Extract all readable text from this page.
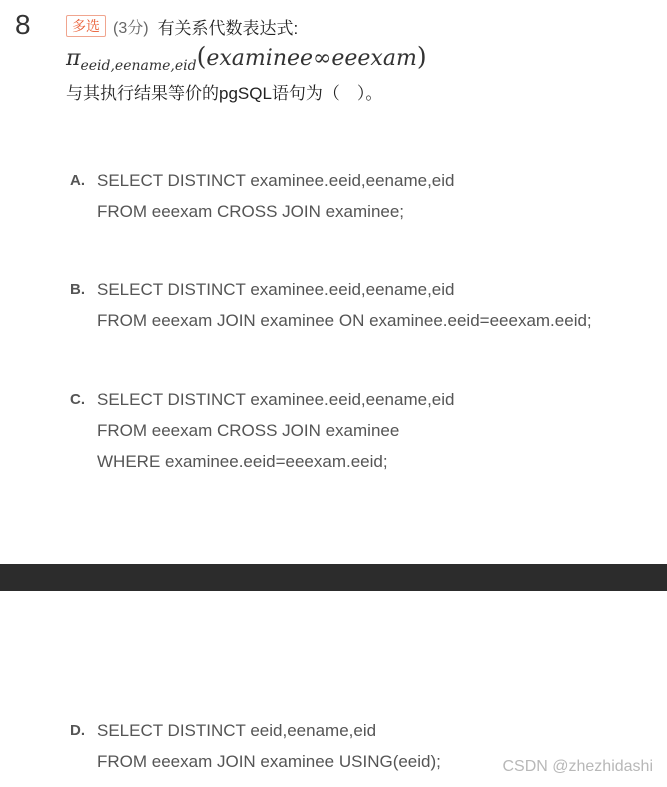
8	多选 (3分) 有关系代数表达式:
π eeid,eename,eid ( examinee ∞ eeexam )
与其执行结果等价的pgSQL语句为（　）。
A. SELECT DISTINCT examinee.eeid,eename,eid
FROM eeexam CROSS JOIN examinee;
B. SELECT DISTINCT examinee.eeid,eename,eid
FROM eeexam JOIN examinee ON examinee.eeid=eeexam.eeid;
C. SELECT DISTINCT examinee.eeid,eename,eid
FROM eeexam CROSS JOIN examinee
WHERE examinee.eeid=eeexam.eeid;
D. SELECT DISTINCT eeid,eename,eid
FROM eeexam JOIN examinee USING(eeid);	CSDN @zhezhidashi
